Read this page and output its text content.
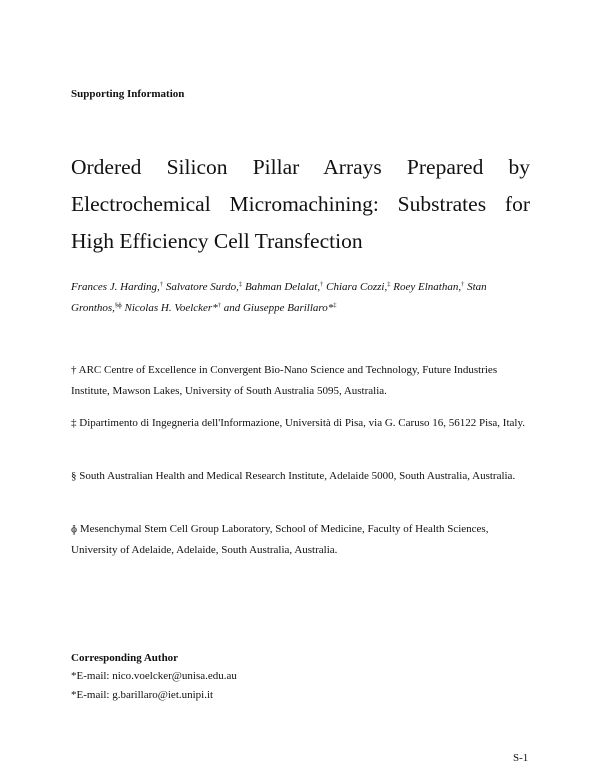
Supporting Information
Ordered Silicon Pillar Arrays Prepared by Electrochemical Micromachining: Substrates for High Efficiency Cell Transfection
Frances J. Harding,† Salvatore Surdo,‡ Bahman Delalat,† Chiara Cozzi,‡ Roey Elnathan,† Stan Gronthos,$^{\S ɸ}$ Nicolas H. Voelcker*† and Giuseppe Barillaro*‡
† ARC Centre of Excellence in Convergent Bio-Nano Science and Technology, Future Industries Institute, Mawson Lakes, University of South Australia 5095, Australia.
‡ Dipartimento di Ingegneria dell'Informazione, Università di Pisa, via G. Caruso 16, 56122 Pisa, Italy.
§ South Australian Health and Medical Research Institute, Adelaide 5000, South Australia, Australia.
ɸ Mesenchymal Stem Cell Group Laboratory, School of Medicine, Faculty of Health Sciences, University of Adelaide, Adelaide, South Australia, Australia.
Corresponding Author
*E-mail: nico.voelcker@unisa.edu.au
*E-mail: g.barillaro@iet.unipi.it
S-1
